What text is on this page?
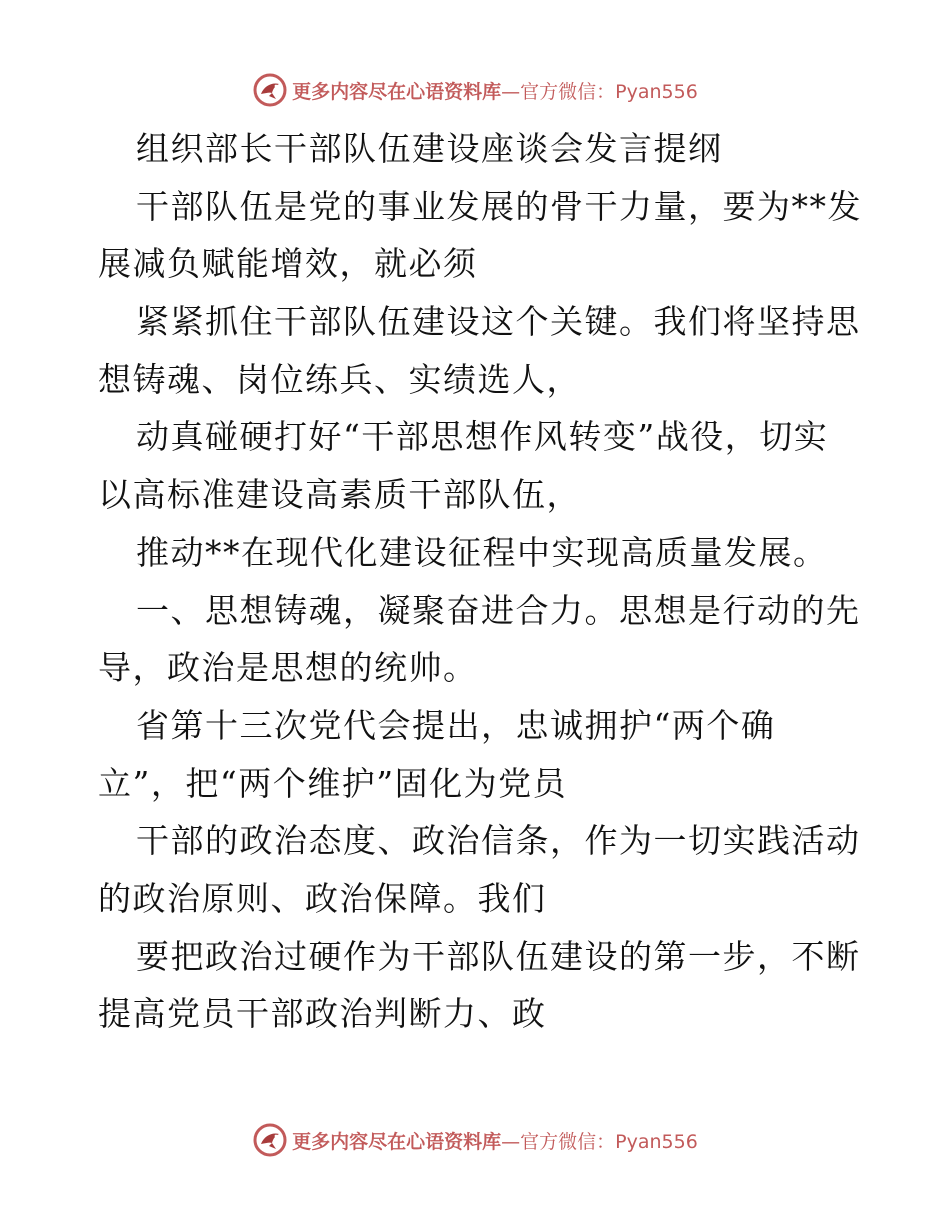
更多内容尽在心语资料库 —官方微信：Pyan556
组织部长干部队伍建设座谈会发言提纲
干部队伍是党的事业发展的骨干力量，要为**发
展减负赋能增效，就必须
紧紧抓住干部队伍建设这个关键。我们将坚持思
想铸魂、岗位练兵、实绩选人，
动真碰硬打好“干部思想作风转变”战役，切实
以高标准建设高素质干部队伍，
推动**在现代化建设征程中实现高质量发展。
一、思想铸魂，凝聚奋进合力。思想是行动的先
导，政治是思想的统帅。
省第十三次党代会提出，忠诚拥护“两个确
立”，把“两个维护”固化为党员
干部的政治态度、政治信条，作为一切实践活动
的政治原则、政治保障。我们
要把政治过硬作为干部队伍建设的第一步，不断
提高党员干部政治判断力、政
更多内容尽在心语资料库 —官方微信：Pyan556
